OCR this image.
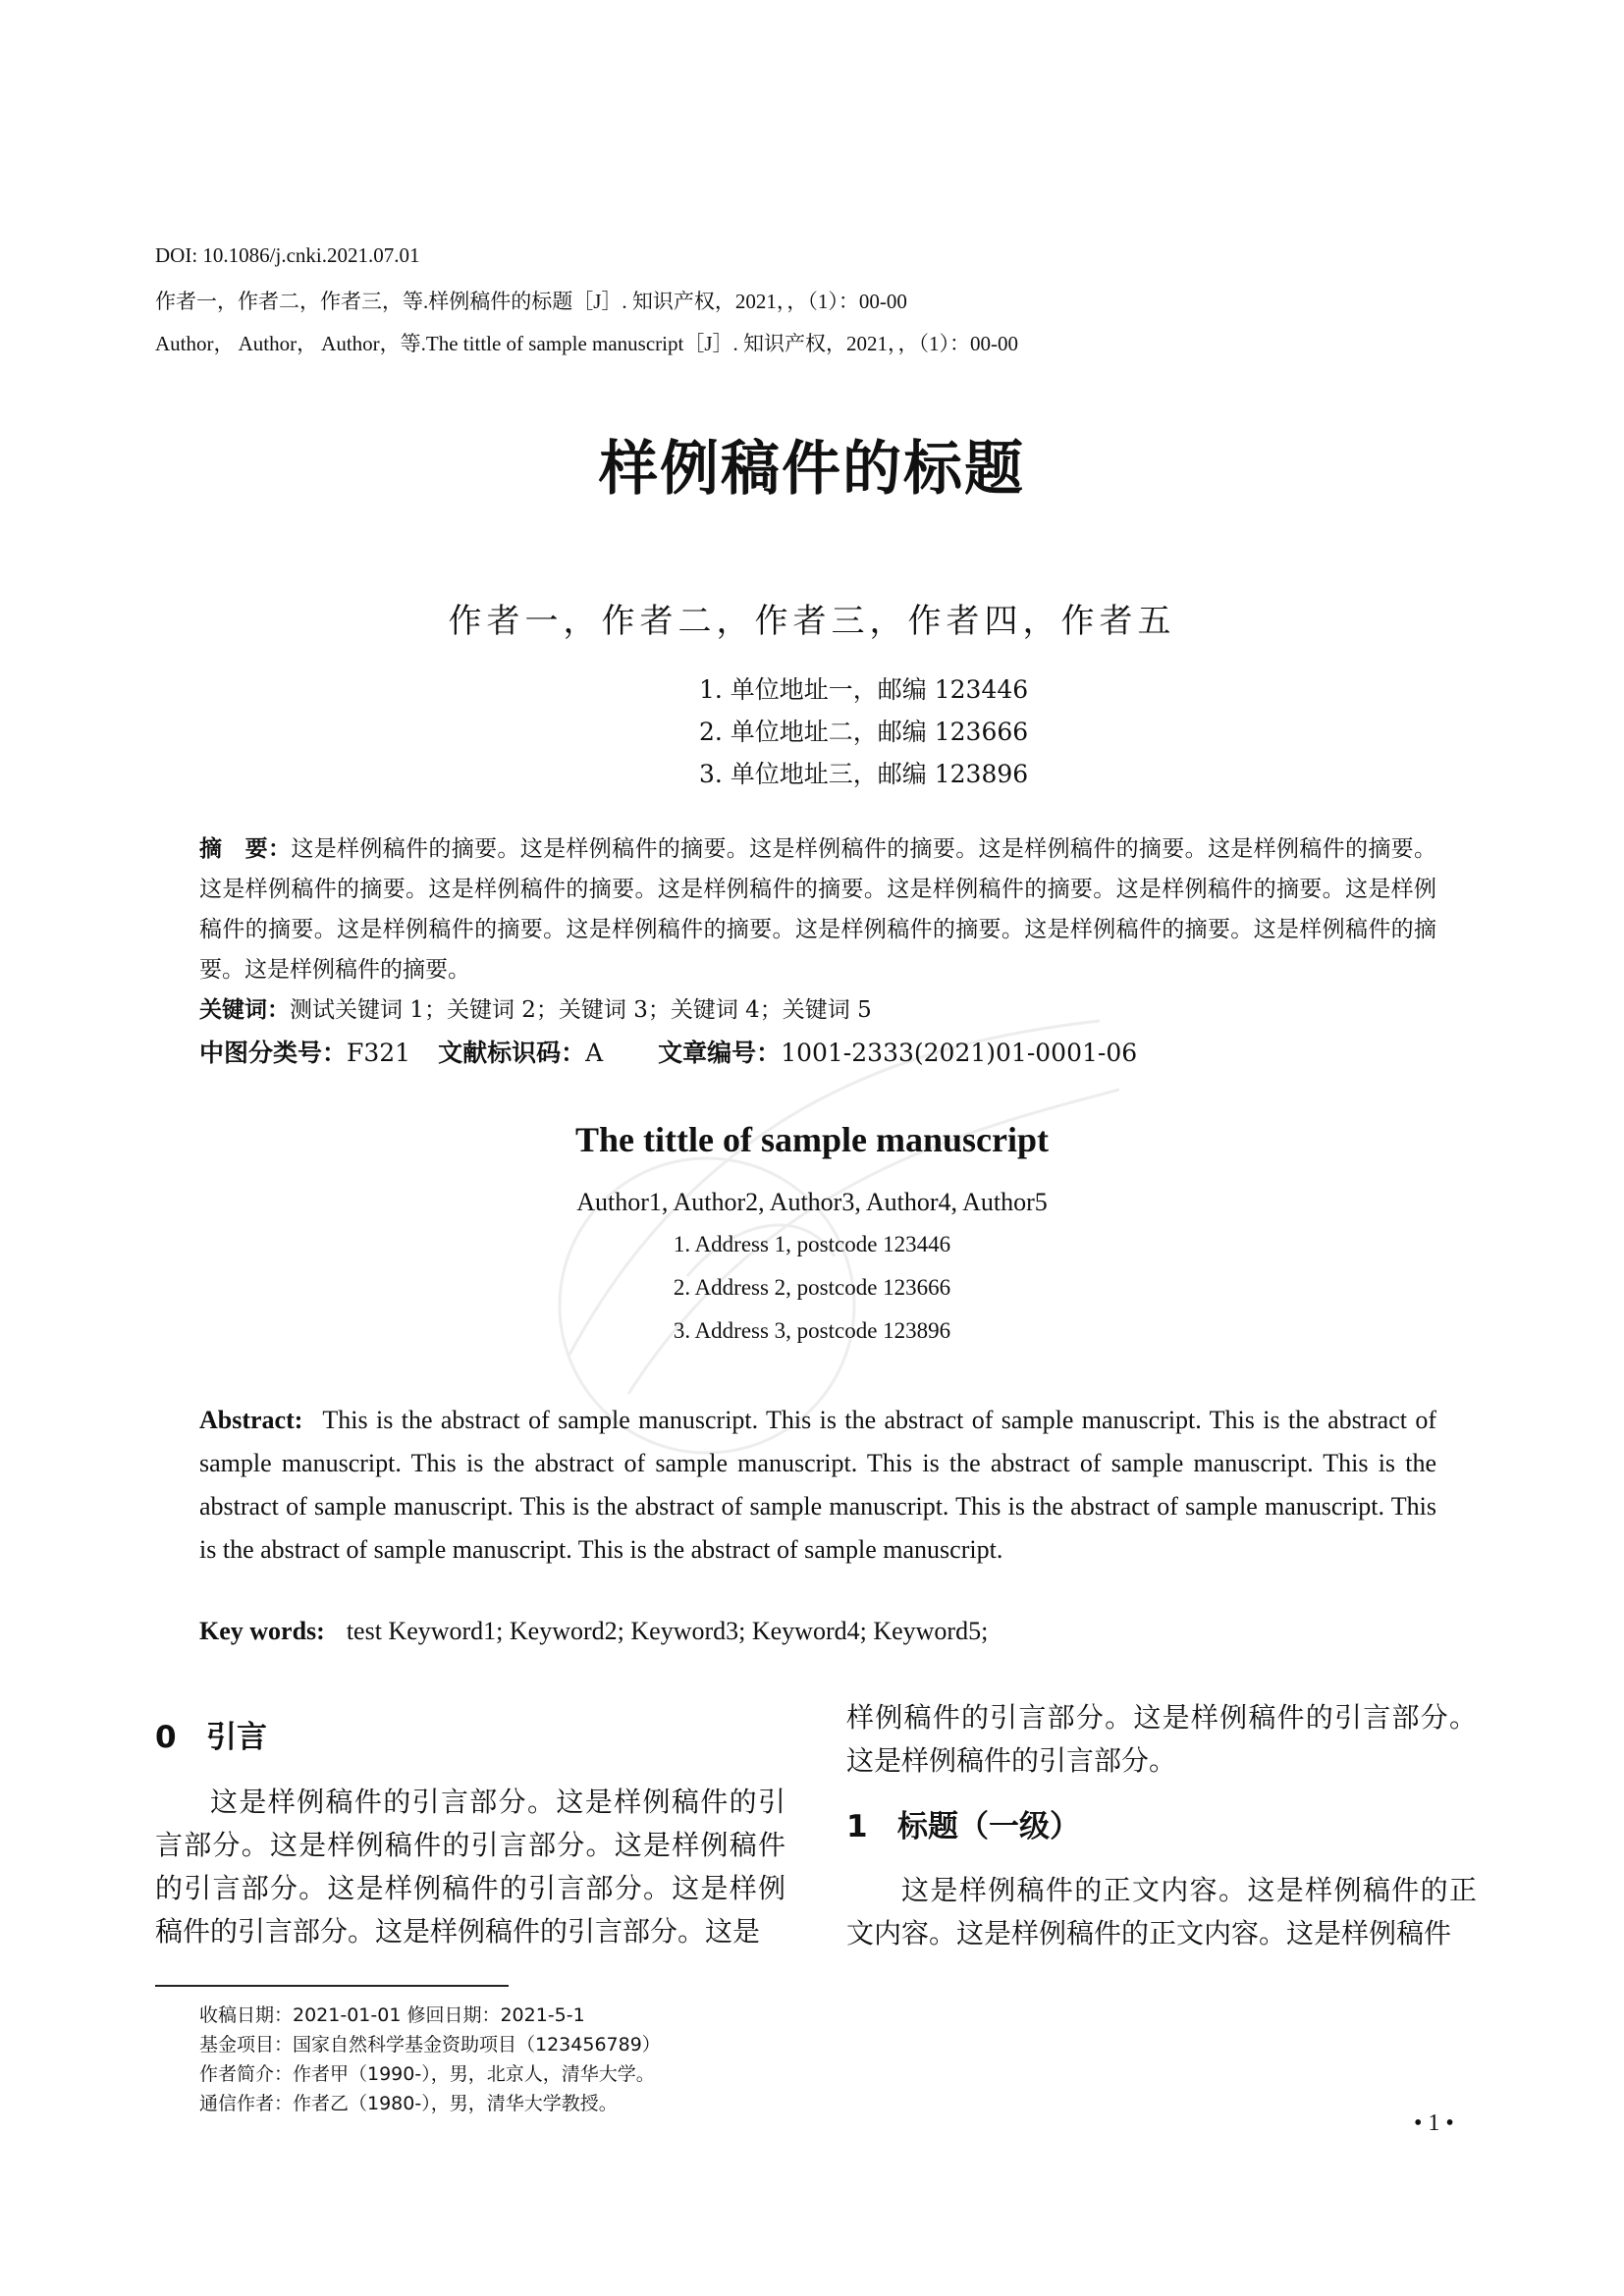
DOI: 10.1086/j.cnki.2021.07.01
作者一，作者二，作者三，等.样例稿件的标题［J］. 知识产权，2021，，（1）：00-00
Author， Author， Author，等.The tittle of sample manuscript［J］. 知识产权，2021，，（1）：00-00
样例稿件的标题
作者一，作者二，作者三，作者四，作者五
1. 单位地址一，邮编 123446
2. 单位地址二，邮编 123666
3. 单位地址三，邮编 123896
摘　要：这是样例稿件的摘要。这是样例稿件的摘要。这是样例稿件的摘要。这是样例稿件的摘要。这是样例稿件的摘要。这是样例稿件的摘要。这是样例稿件的摘要。这是样例稿件的摘要。这是样例稿件的摘要。这是样例稿件的摘要。这是样例稿件的摘要。这是样例稿件的摘要。这是样例稿件的摘要。这是样例稿件的摘要。这是样例稿件的摘要。这是样例稿件的摘要。这是样例稿件的摘要。
关键词：测试关键词 1；关键词 2；关键词 3；关键词 4；关键词 5
中图分类号：F321 文献标识码：A 文章编号：1001-2333(2021)01-0001-06
The tittle of sample manuscript
Author1, Author2, Author3, Author4, Author5
1. Address 1, postcode 123446
2. Address 2, postcode 123666
3. Address 3, postcode 123896
Abstract: This is the abstract of sample manuscript. This is the abstract of sample manuscript. This is the abstract of sample manuscript. This is the abstract of sample manuscript. This is the abstract of sample manuscript. This is the abstract of sample manuscript. This is the abstract of sample manuscript. This is the abstract of sample manuscript. This is the abstract of sample manuscript. This is the abstract of sample manuscript.
Key words: test Keyword1; Keyword2; Keyword3; Keyword4; Keyword5;
0 引言
这是样例稿件的引言部分。这是样例稿件的引言部分。这是样例稿件的引言部分。这是样例稿件的引言部分。这是样例稿件的引言部分。这是样例稿件的引言部分。这是样例稿件的引言部分。这是
样例稿件的引言部分。这是样例稿件的引言部分。这是样例稿件的引言部分。
1 标题（一级）
这是样例稿件的正文内容。这是样例稿件的正文内容。这是样例稿件的正文内容。这是样例稿件
收稿日期：2021-01-01 修回日期：2021-5-1
基金项目：国家自然科学基金资助项目（123456789）
作者简介：作者甲（1990-），男，北京人，清华大学。
通信作者：作者乙（1980-），男，清华大学教授。
• 1 •
